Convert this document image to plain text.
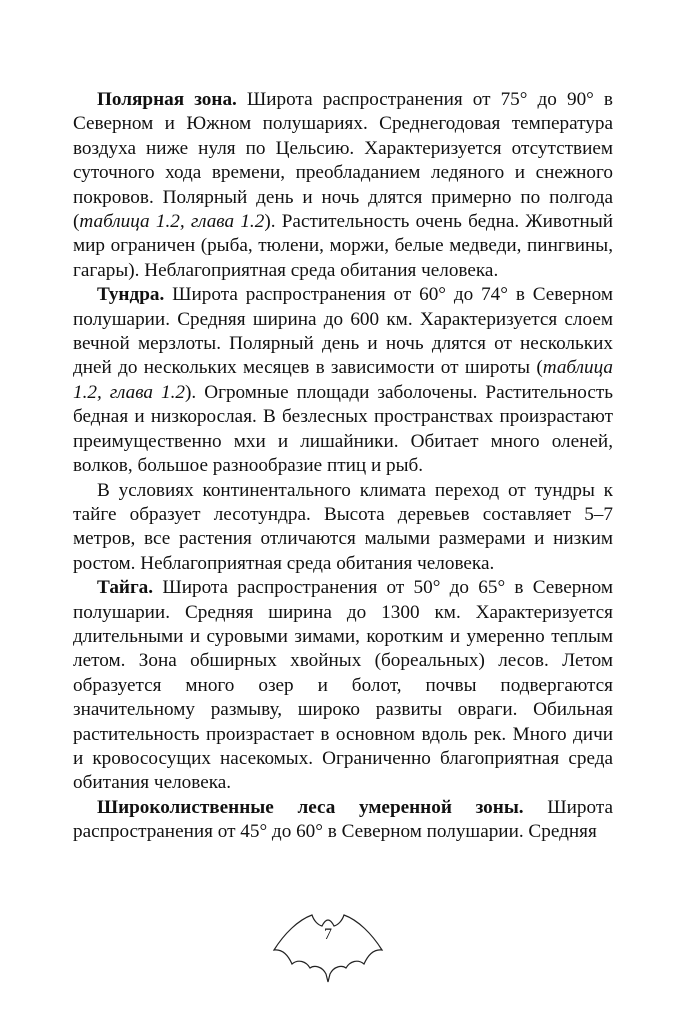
Полярная зона. Широта распространения от 75° до 90° в Северном и Южном полушариях. Среднегодовая температура воздуха ниже нуля по Цельсию. Характеризуется отсутствием суточного хода времени, преобладанием ледяного и снежного покровов. Полярный день и ночь длятся примерно по полгода (таблица 1.2, глава 1.2). Растительность очень бедна. Животный мир ограничен (рыба, тюлени, моржи, белые медведи, пингвины, гагары). Неблагоприятная среда обитания человека.

Тундра. Широта распространения от 60° до 74° в Северном полушарии. Средняя ширина до 600 км. Характеризуется слоем вечной мерзлоты. Полярный день и ночь длятся от нескольких дней до нескольких месяцев в зависимости от широты (таблица 1.2, глава 1.2). Огромные площади заболочены. Растительность бедная и низкорослая. В безлесных пространствах произрастают преимущественно мхи и лишайники. Обитает много оленей, волков, большое разнообразие птиц и рыб.

В условиях континентального климата переход от тундры к тайге образует лесотундра. Высота деревьев составляет 5–7 метров, все растения отличаются малыми размерами и низким ростом. Неблагоприятная среда обитания человека.

Тайга. Широта распространения от 50° до 65° в Северном полушарии. Средняя ширина до 1300 км. Характеризуется длительными и суровыми зимами, коротким и умеренно теплым летом. Зона обширных хвойных (бореальных) лесов. Летом образуется много озер и болот, почвы подвергаются значительному размыву, широко развиты овраги. Обильная растительность произрастает в основном вдоль рек. Много дичи и кровососущих насекомых. Ограниченно благоприятная среда обитания человека.

Широколиственные леса умеренной зоны. Широта распространения от 45° до 60° в Северном полушарии. Средняя

7
